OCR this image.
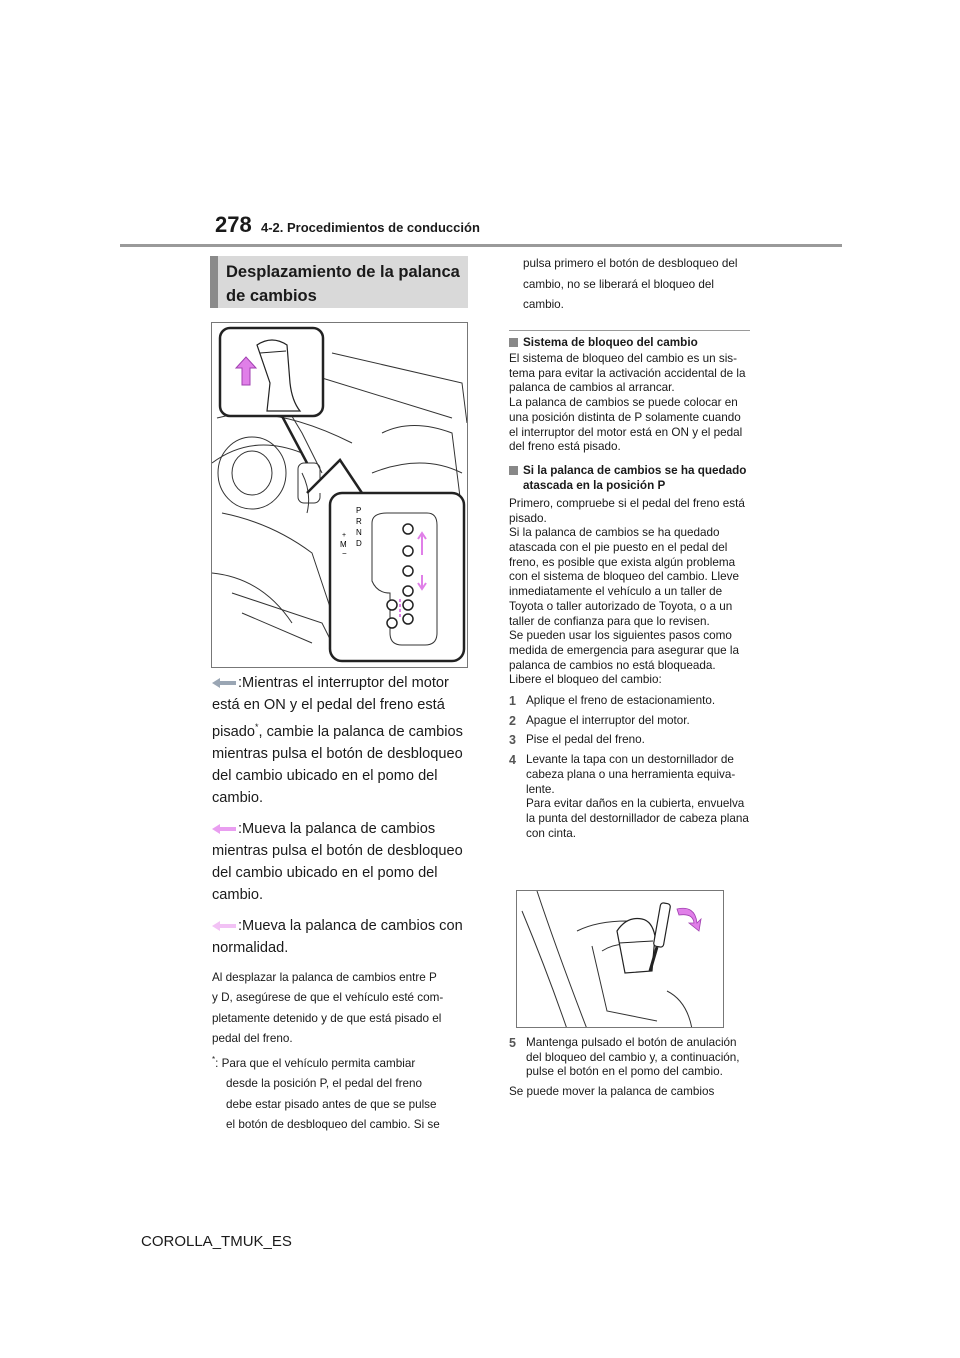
278 4-2. Procedimientos de conducción
Desplazamiento de la palanca
de cambios
P
R
N
D
+
M
−

:Mientras el interruptor del motor
está en ON y el pedal del freno está
pisado*, cambie la palanca de cambios
mientras pulsa el botón de desbloqueo
del cambio ubicado en el pomo del
cambio.

:Mueva la palanca de cambios
mientras pulsa el botón de desbloqueo
del cambio ubicado en el pomo del
cambio.

:Mueva la palanca de cambios con
normalidad.

Al desplazar la palanca de cambios entre P
y D, asegúrese de que el vehículo esté com-
pletamente detenido y de que está pisado el
pedal del freno.

*: Para que el vehículo permita cambiar
desde la posición P, el pedal del freno
debe estar pisado antes de que se pulse
el botón de desbloqueo del cambio. Si se

pulsa primero el botón de desbloqueo del
cambio, no se liberará el bloqueo del
cambio.

Sistema de bloqueo del cambio

El sistema de bloqueo del cambio es un sis-tema para evitar la activación accidental de la palanca de cambios al arrancar.

La palanca de cambios se puede colocar en una posición distinta de P solamente cuando el interruptor del motor está en ON y el pedal del freno está pisado.

Si la palanca de cambios se ha quedado atascada en la posición P

Primero, compruebe si el pedal del freno está pisado.

Si la palanca de cambios se ha quedado atascada con el pie puesto en el pedal del freno, es posible que exista algún problema con el sistema de bloqueo del cambio. Lleve inmediatamente el vehículo a un taller de Toyota o taller autorizado de Toyota, o a un taller de confianza para que lo revisen.

Se pueden usar los siguientes pasos como medida de emergencia para asegurar que la palanca de cambios no está bloqueada.

Libere el bloqueo del cambio:

1 Aplique el freno de estacionamiento.
2 Apague el interruptor del motor.
3 Pise el pedal del freno.
4 Levante la tapa con un destornillador de cabeza plana o una herramienta equiva-lente.
Para evitar daños en la cubierta, envuelva la punta del destornillador de cabeza plana con cinta.
5 Mantenga pulsado el botón de anulación del bloqueo del cambio y, a continuación, pulse el botón en el pomo del cambio.

Se puede mover la palanca de cambios

COROLLA_TMUK_ES
